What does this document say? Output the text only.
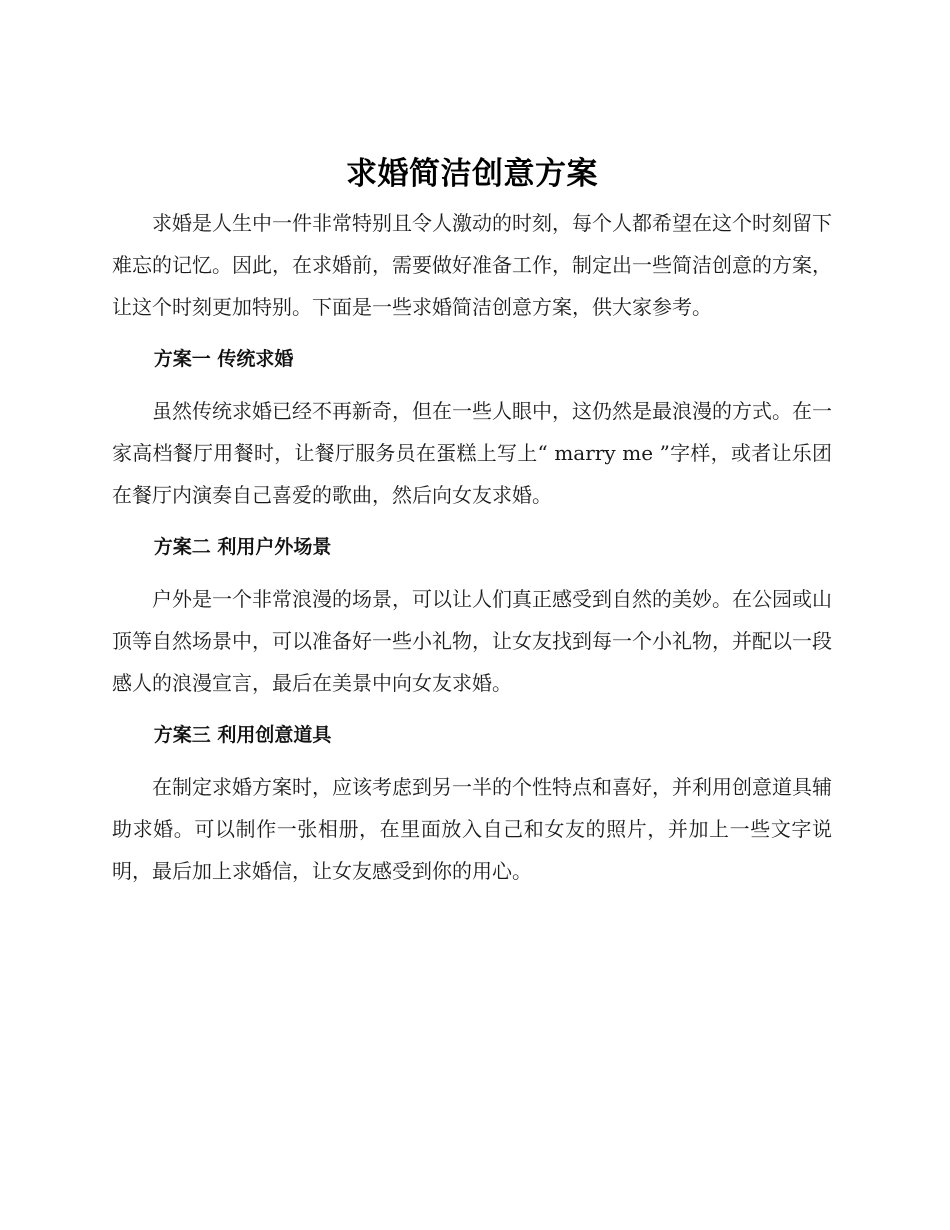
求婚简洁创意方案

求婚是人生中一件非常特别且令人激动的时刻，每个人都希望在这个时刻留下难忘的记忆。因此，在求婚前，需要做好准备工作，制定出一些简洁创意的方案，让这个时刻更加特别。下面是一些求婚简洁创意方案，供大家参考。

方案一 传统求婚

虽然传统求婚已经不再新奇，但在一些人眼中，这仍然是最浪漫的方式。在一家高档餐厅用餐时，让餐厅服务员在蛋糕上写上“ marry me ”字样，或者让乐团在餐厅内演奏自己喜爱的歌曲，然后向女友求婚。

方案二 利用户外场景

户外是一个非常浪漫的场景，可以让人们真正感受到自然的美妙。在公园或山顶等自然场景中，可以准备好一些小礼物，让女友找到每一个小礼物，并配以一段感人的浪漫宣言，最后在美景中向女友求婚。

方案三 利用创意道具

在制定求婚方案时，应该考虑到另一半的个性特点和喜好，并利用创意道具辅助求婚。可以制作一张相册，在里面放入自己和女友的照片，并加上一些文字说明，最后加上求婚信，让女友感受到你的用心。
